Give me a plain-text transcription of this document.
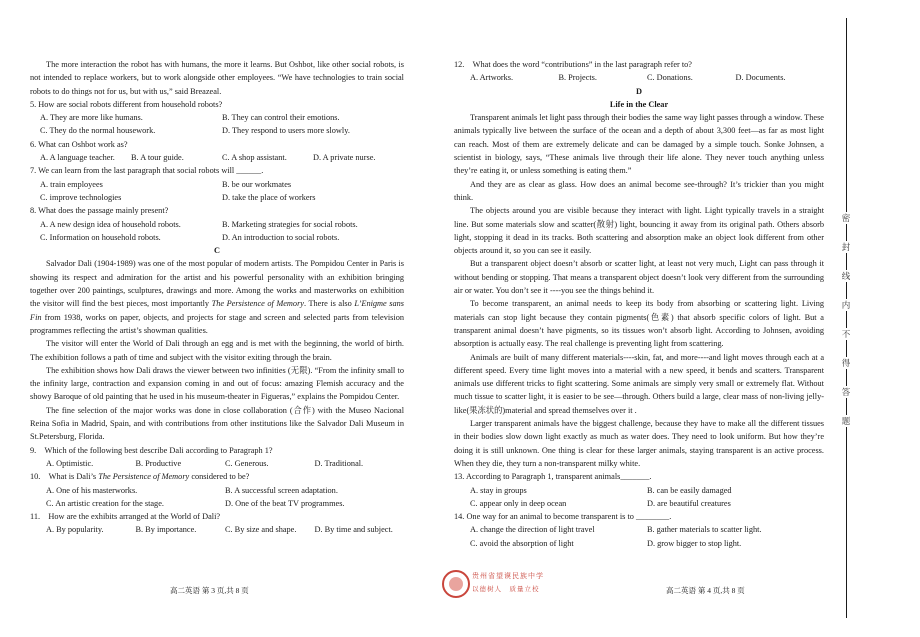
The more interaction the robot has with humans, the more it learns. But Oshbot, like other social robots, is not intended to replace workers, but to work alongside other employees. “We have technologies to train social robots to do things not for us, but with us,” said Breazeal.

5. How are social robots different from household robots?

A. They are more like humans.	B. They can control their emotions.
C. They do the normal housework.	D. They respond to users more slowly.

6. What can Oshbot work as?

A. A language teacher.	B. A tour guide.	C. A shop assistant.	D. A private nurse.

7. We can learn from the last paragraph that social robots will ______.

A. train employees	B. be our workmates
C. improve technologies	D. take the place of workers

8. What does the passage mainly present?

A. A new design idea of household robots.	B. Marketing strategies for social robots.
C. Information on household robots.	D. An introduction to social robots.

C

Salvador Dali (1904-1989) was one of the most popular of modern artists. The Pompidou Center in Paris is showing its respect and admiration for the artist and his powerful personality with an exhibition bringing together over 200 paintings, sculptures, drawings and more. Among the works and masterworks on exhibition the visitor will find the best pieces, most importantly The Persistence of Memory. There is also L’Enigme sans Fin from 1938, works on paper, objects, and projects for stage and screen and selected parts from television programmes reflecting the artist’s showman qualities.

The visitor will enter the World of Dali through an egg and is met with the beginning, the world of birth. The exhibition follows a path of time and subject with the visitor exiting through the brain.

The exhibition shows how Dali draws the viewer between two infinities (无限). “From the infinity small to the infinity large, contraction and expansion coming in and out of focus: amazing Flemish accuracy and the showy Baroque of old painting that he used in his museum-theater in Figueras,” explains the Pompidou Center.

The fine selection of the major works was done in close collaboration (合作) with the Museo Nacional Reina Sofia in Madrid, Spain, and with contributions from other institutions like the Salvador Dali Museum in St.Petersburg, Florida.

9.　Which of the following best describe Dali according to Paragraph 1?

A. Optimistic.	B. Productive	C. Generous.	D. Traditional.

10.　What is Dali’s The Persistence of Memory considered to be?

A. One of his masterworks.	B. A successful screen adaptation.
C. An artistic creation for the stage.	D. One of the beat TV programmes.

11.　How are the exhibits arranged at the World of Dali?

A. By popularity.	B. By importance.	C. By size and shape.	D. By time and subject.

12.　What does the word “contributions” in the last paragraph refer to?

A. Artworks.	B. Projects.	C. Donations.	D. Documents.

D

Life in the Clear

Transparent animals let light pass through their bodies the same way light passes through a window. These animals typically live between the surface of the ocean and a depth of about 3,300 feet—as far as most light can reach. Most of them are extremely delicate and can be damaged by a simple touch. Sonke Johnsen, a scientist in biology, says, “These animals live through their life alone. They never touch anything unless they’re eating it, or unless something is eating them.”

And they are as clear as glass. How does an animal become see-through? It’s trickier than you might think.

The objects around you are visible because they interact with light. Light typically travels in a straight line. But some materials slow and scatter(散射) light, bouncing it away from its original path. Others absorb light, stopping it dead in its tracks. Both scattering and absorption make an object look different from other objects around it, so you can see it easily.

But a transparent object doesn’t absorb or scatter light, at least not very much, Light can pass through it without bending or stopping. That means a transparent object doesn’t look very different from the surrounding air or water. You don’t see it ----you see the things behind it.

To become transparent, an animal needs to keep its body from absorbing or scattering light. Living materials can stop light because they contain pigments(色素) that absorb specific colors of light. But a transparent animal doesn’t have pigments, so its tissues won’t absorb light. According to Johnsen, avoiding absorption is actually easy. The real challenge is preventing light from scattering.

Animals are built of many different materials----skin, fat, and more----and light moves through each at a different speed. Every time light moves into a material with a new speed, it bends and scatters. Transparent animals use different tricks to fight scattering. Some animals are simply very small or extremely flat. Without much tissue to scatter light, it is easier to be see—through. Others build a large, clear mass of non-living jelly-like(果冻状的)material and spread themselves over it .

Larger transparent animals have the biggest challenge, because they have to make all the different tissues in their bodies slow down light exactly as much as water does. They need to look uniform. But how they’re doing it is still unknown. One thing is clear for these larger animals, staying transparent is an active process. When they die, they turn a non-transparent milky white.

13. According to Paragraph 1, transparent animals_______.

A. stay in groups	B. can be easily damaged
C. appear only in deep ocean	D. are beautiful creatures

14. One way for an animal to become transparent is to ________.

A. change the direction of light travel	B. gather materials to scatter light.
C. avoid the absorption of light	D. grow bigger to stop light.
高二英语 第 3 页,共 8 页	高二英语 第 4 页,共 8 页
贵州省望谟民族中学
以德树人　质量立校
密
封
线
内
不
得
答
题
